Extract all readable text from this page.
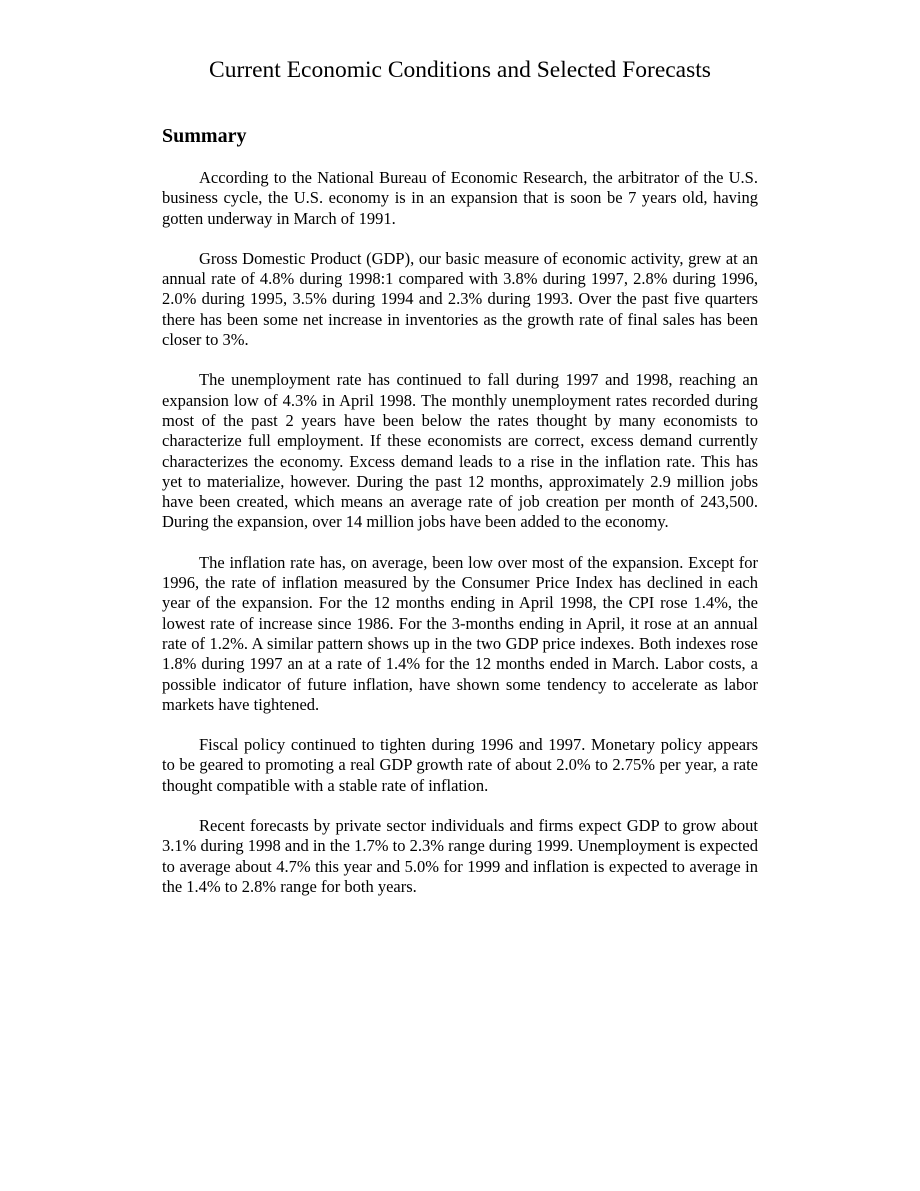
Current Economic Conditions and Selected Forecasts
Summary

According to the National Bureau of Economic Research, the arbitrator of the U.S. business cycle, the U.S. economy is in an expansion that is soon be 7 years old, having gotten underway in March of 1991.

Gross Domestic Product (GDP), our basic measure of economic activity, grew at an annual rate of 4.8% during 1998:1 compared with 3.8% during 1997, 2.8% during 1996, 2.0% during 1995, 3.5% during 1994 and 2.3% during 1993. Over the past five quarters there has been some net increase in inventories as the growth rate of final sales has been closer to 3%.

The unemployment rate has continued to fall during 1997 and 1998, reaching an expansion low of 4.3% in April 1998. The monthly unemployment rates recorded during most of the past 2 years have been below the rates thought by many economists to characterize full employment. If these economists are correct, excess demand currently characterizes the economy. Excess demand leads to a rise in the inflation rate. This has yet to materialize, however. During the past 12 months, approximately 2.9 million jobs have been created, which means an average rate of job creation per month of 243,500. During the expansion, over 14 million jobs have been added to the economy.

The inflation rate has, on average, been low over most of the expansion. Except for 1996, the rate of inflation measured by the Consumer Price Index has declined in each year of the expansion. For the 12 months ending in April 1998, the CPI rose 1.4%, the lowest rate of increase since 1986. For the 3-months ending in April, it rose at an annual rate of 1.2%. A similar pattern shows up in the two GDP price indexes. Both indexes rose 1.8% during 1997 an at a rate of 1.4% for the 12 months ended in March. Labor costs, a possible indicator of future inflation, have shown some tendency to accelerate as labor markets have tightened.

Fiscal policy continued to tighten during 1996 and 1997. Monetary policy appears to be geared to promoting a real GDP growth rate of about 2.0% to 2.75% per year, a rate thought compatible with a stable rate of inflation.

Recent forecasts by private sector individuals and firms expect GDP to grow about 3.1% during 1998 and in the 1.7% to 2.3% range during 1999. Unemployment is expected to average about 4.7% this year and 5.0% for 1999 and inflation is expected to average in the 1.4% to 2.8% range for both years.
